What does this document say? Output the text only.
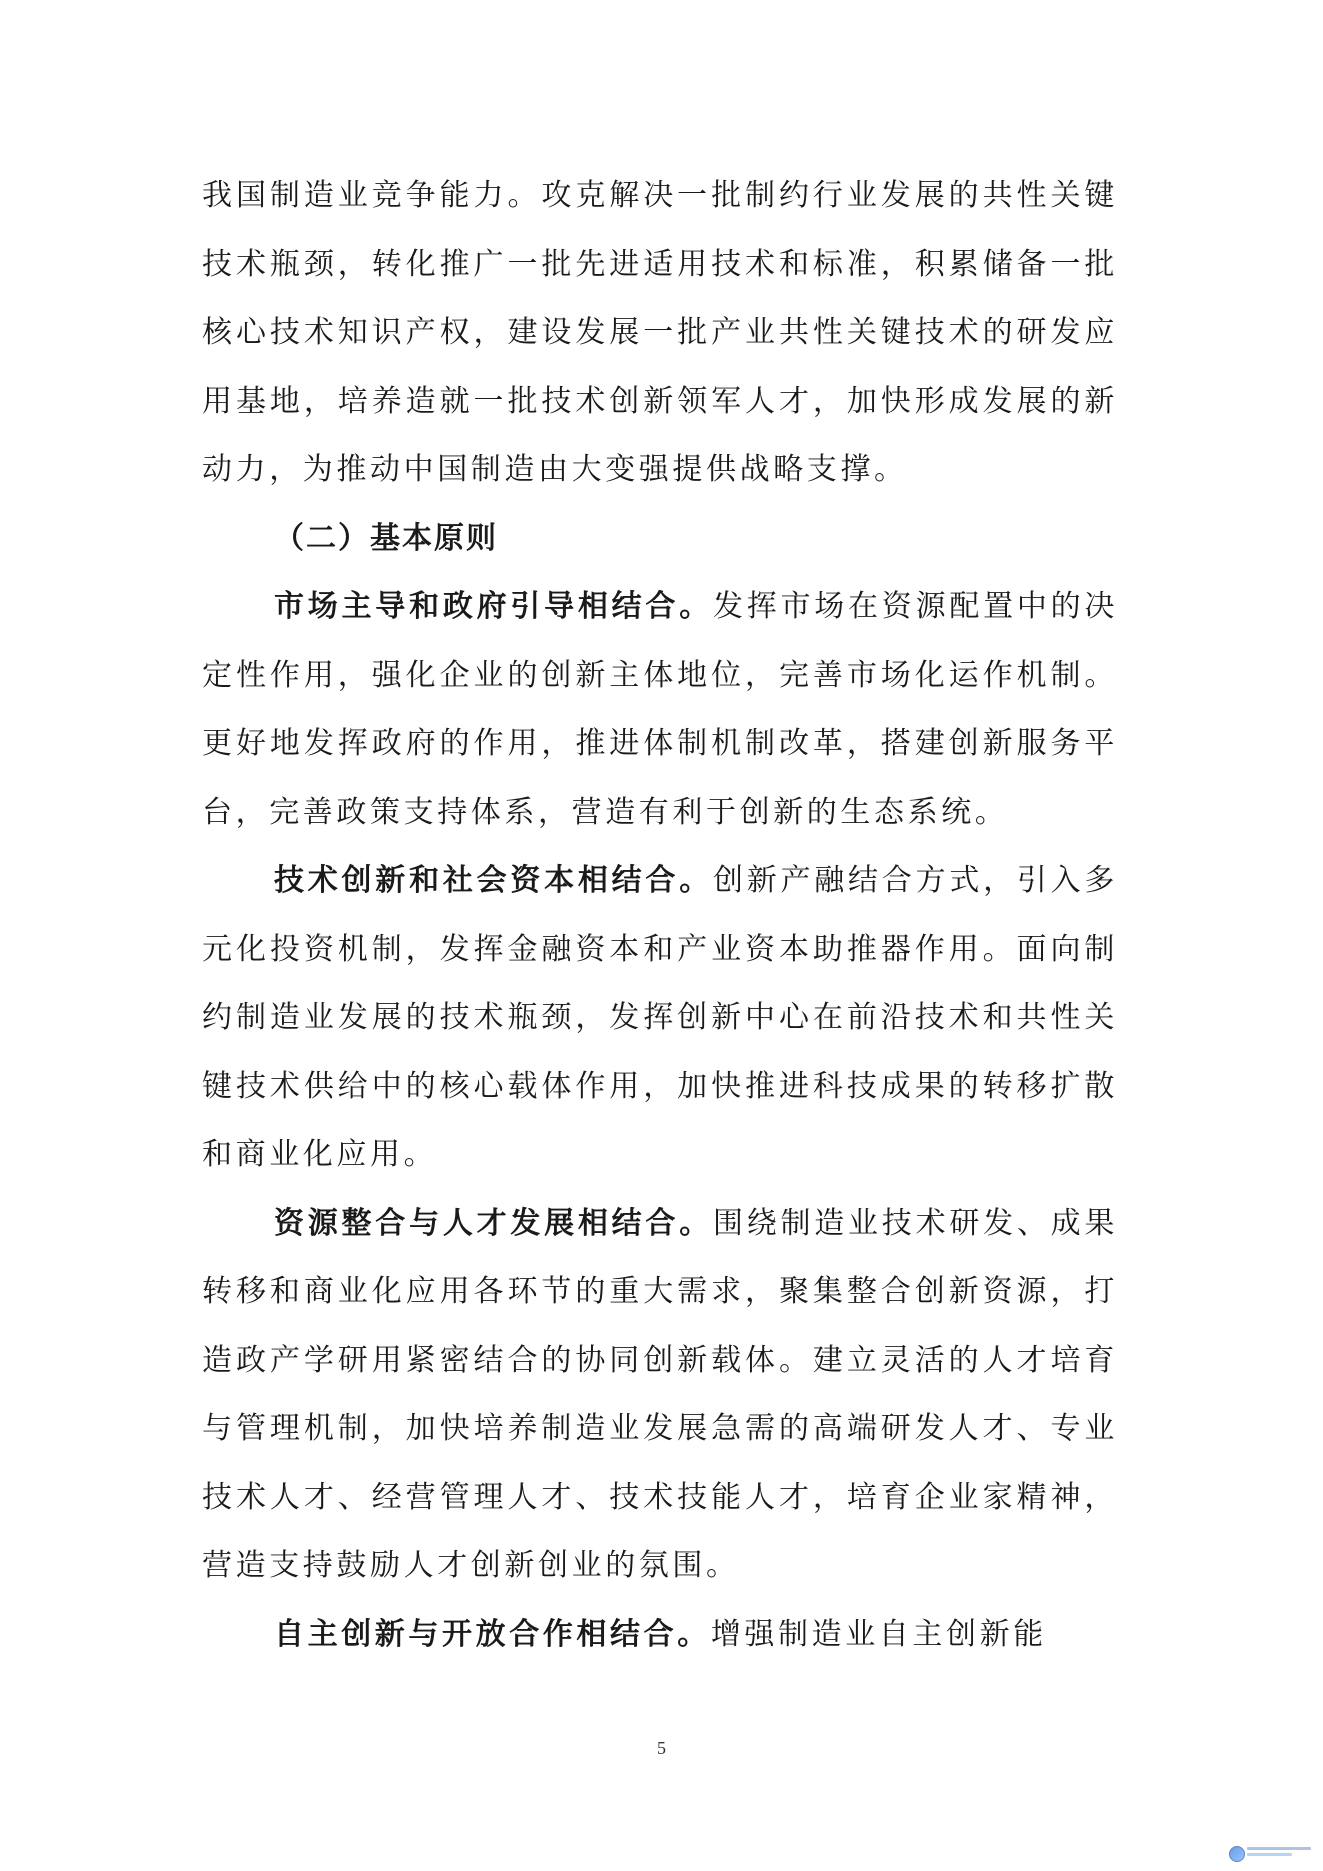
我国制造业竞争能力。攻克解决一批制约行业发展的共性关键技术瓶颈，转化推广一批先进适用技术和标准，积累储备一批核心技术知识产权，建设发展一批产业共性关键技术的研发应用基地，培养造就一批技术创新领军人才，加快形成发展的新动力，为推动中国制造由大变强提供战略支撑。

（二）基本原则

市场主导和政府引导相结合。发挥市场在资源配置中的决定性作用，强化企业的创新主体地位，完善市场化运作机制。更好地发挥政府的作用，推进体制机制改革，搭建创新服务平台，完善政策支持体系，营造有利于创新的生态系统。

技术创新和社会资本相结合。创新产融结合方式，引入多元化投资机制，发挥金融资本和产业资本助推器作用。面向制约制造业发展的技术瓶颈，发挥创新中心在前沿技术和共性关键技术供给中的核心载体作用，加快推进科技成果的转移扩散和商业化应用。

资源整合与人才发展相结合。围绕制造业技术研发、成果转移和商业化应用各环节的重大需求，聚集整合创新资源，打造政产学研用紧密结合的协同创新载体。建立灵活的人才培育与管理机制，加快培养制造业发展急需的高端研发人才、专业技术人才、经营管理人才、技术技能人才，培育企业家精神，营造支持鼓励人才创新创业的氛围。

自主创新与开放合作相结合。增强制造业自主创新能

5
